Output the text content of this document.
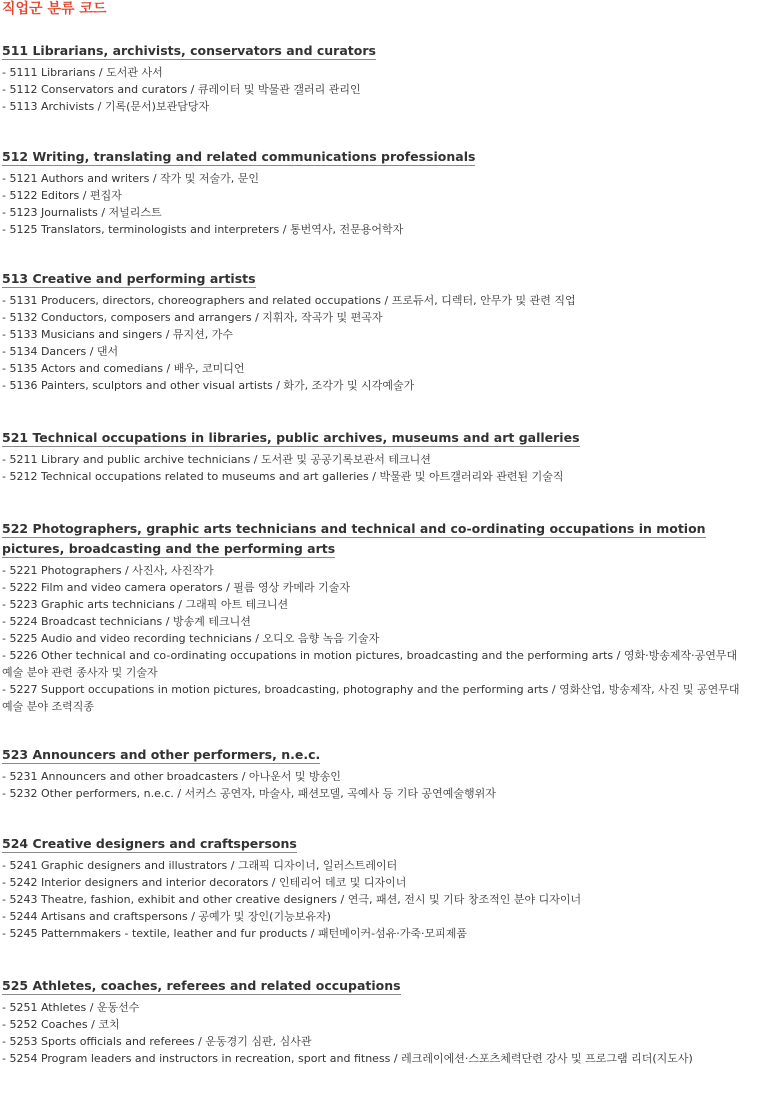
직업군 분류 코드
511 Librarians, archivists, conservators and curators
- 5111 Librarians / 도서관 사서
- 5112 Conservators and curators / 큐레이터 및 박물관 갤러리 관리인
- 5113 Archivists / 기록(문서)보관담당자
512 Writing, translating and related communications professionals
- 5121 Authors and writers / 작가 및 저술가, 문인
- 5122 Editors / 편집자
- 5123 Journalists / 저널리스트
- 5125 Translators, terminologists and interpreters / 통번역사, 전문용어학자
513 Creative and performing artists
- 5131 Producers, directors, choreographers and related occupations / 프로듀서, 디렉터, 안무가 및 관련 직업
- 5132 Conductors, composers and arrangers / 지휘자, 작곡가 및 편곡자
- 5133 Musicians and singers / 뮤지션, 가수
- 5134 Dancers / 댄서
- 5135 Actors and comedians / 배우, 코미디언
- 5136 Painters, sculptors and other visual artists / 화가, 조각가 및 시각예술가
521 Technical occupations in libraries, public archives, museums and art galleries
- 5211 Library and public archive technicians / 도서관 및 공공기록보관서 테크니션
- 5212 Technical occupations related to museums and art galleries / 박물관 및 아트갤러리와 관련된 기술직
522 Photographers, graphic arts technicians and technical and co-ordinating occupations in motion pictures, broadcasting and the performing arts
- 5221 Photographers / 사진사, 사진작가
- 5222 Film and video camera operators / 필름 영상 카메라 기술자
- 5223 Graphic arts technicians / 그래픽 아트 테크니션
- 5224 Broadcast technicians / 방송계 테크니션
- 5225 Audio and video recording technicians / 오디오 음향 녹음 기술자
- 5226 Other technical and co-ordinating occupations in motion pictures, broadcasting and the performing arts / 영화·방송제작·공연무대 예술 분야 관련 종사자 및 기술자
- 5227 Support occupations in motion pictures, broadcasting, photography and the performing arts / 영화산업, 방송제작, 사진 및 공연무대예술 분야 조력직종
523 Announcers and other performers, n.e.c.
- 5231 Announcers and other broadcasters / 아나운서 및 방송인
- 5232 Other performers, n.e.c. / 서커스 공연자, 마술사, 패션모델, 곡예사 등 기타 공연예술행위자
524 Creative designers and craftspersons
- 5241 Graphic designers and illustrators / 그래픽 디자이너, 일러스트레이터
- 5242 Interior designers and interior decorators / 인테리어 데코 및 디자이너
- 5243 Theatre, fashion, exhibit and other creative designers / 연극, 패션, 전시 및 기타 창조적인 분야 디자이너
- 5244 Artisans and craftspersons / 공예가 및 장인(기능보유자)
- 5245 Patternmakers - textile, leather and fur products / 패턴메이커-섬유·가죽·모피제품
525 Athletes, coaches, referees and related occupations
- 5251 Athletes / 운동선수
- 5252 Coaches / 코치
- 5253 Sports officials and referees / 운동경기 심판, 심사관
- 5254 Program leaders and instructors in recreation, sport and fitness / 레크레이에션·스포츠체력단련 강사 및 프로그램 리더(지도사)
